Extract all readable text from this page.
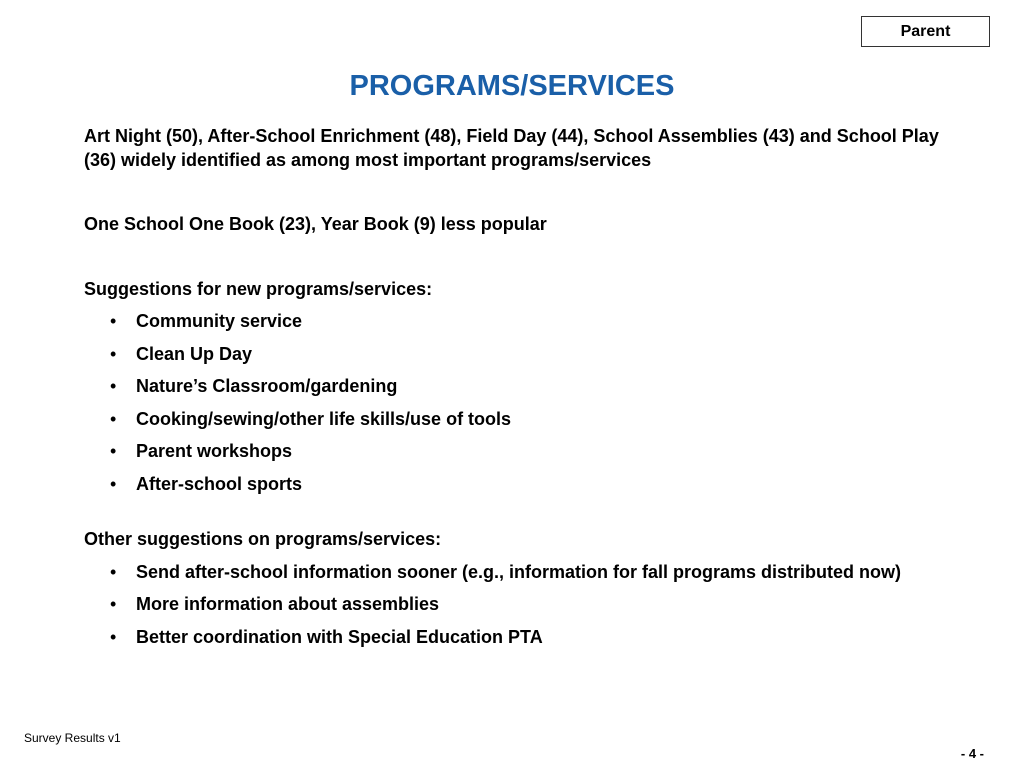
Parent
PROGRAMS/SERVICES

Art Night (50), After-School Enrichment (48), Field Day (44), School Assemblies (43) and School Play (36) widely identified as among most important programs/services

One School One Book (23), Year Book (9) less popular

Suggestions for new programs/services:

• Community service
• Clean Up Day
• Nature’s Classroom/gardening
• Cooking/sewing/other life skills/use of tools
• Parent workshops
• After-school sports

Other suggestions on programs/services:

• Send after-school information sooner (e.g., information for fall programs distributed now)
• More information about assemblies
• Better coordination with Special Education PTA
Survey Results v1
- 4 -
